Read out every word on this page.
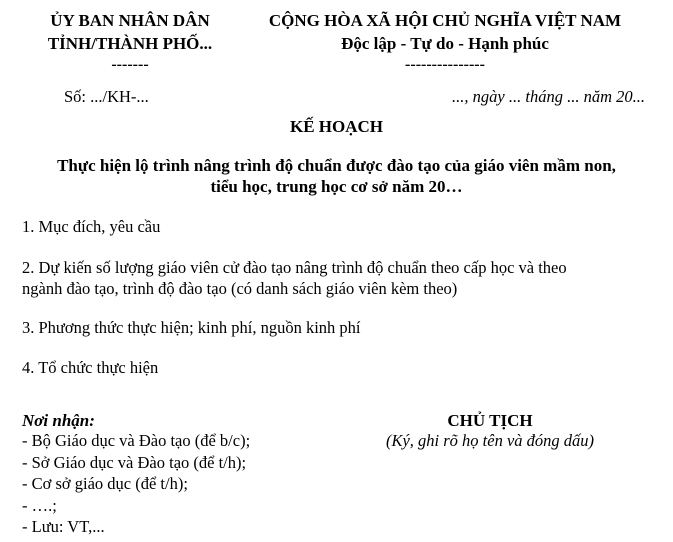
ỦY BAN NHÂN DÂN
TỈNH/THÀNH PHỐ...
-------
Số: .../KH-...
CỘNG HÒA XÃ HỘI CHỦ NGHĨA VIỆT NAM
Độc lập - Tự do - Hạnh phúc
---------------
..., ngày ... tháng ... năm 20...
KẾ HOẠCH
Thực hiện lộ trình nâng trình độ chuẩn được đào tạo của giáo viên mầm non,
tiểu học, trung học cơ sở năm 20…
1. Mục đích, yêu cầu
2. Dự kiến số lượng giáo viên cử đào tạo nâng trình độ chuẩn theo cấp học và theo
ngành đào tạo, trình độ đào tạo (có danh sách giáo viên kèm theo)
3. Phương thức thực hiện; kinh phí, nguồn kinh phí
4. Tổ chức thực hiện
Nơi nhận:
- Bộ Giáo dục và Đào tạo (để b/c);
- Sở Giáo dục và Đào tạo (để t/h);
- Cơ sở giáo dục (để t/h);
- ….;
- Lưu: VT,...
CHỦ TỊCH
(Ký, ghi rõ họ tên và đóng dấu)
